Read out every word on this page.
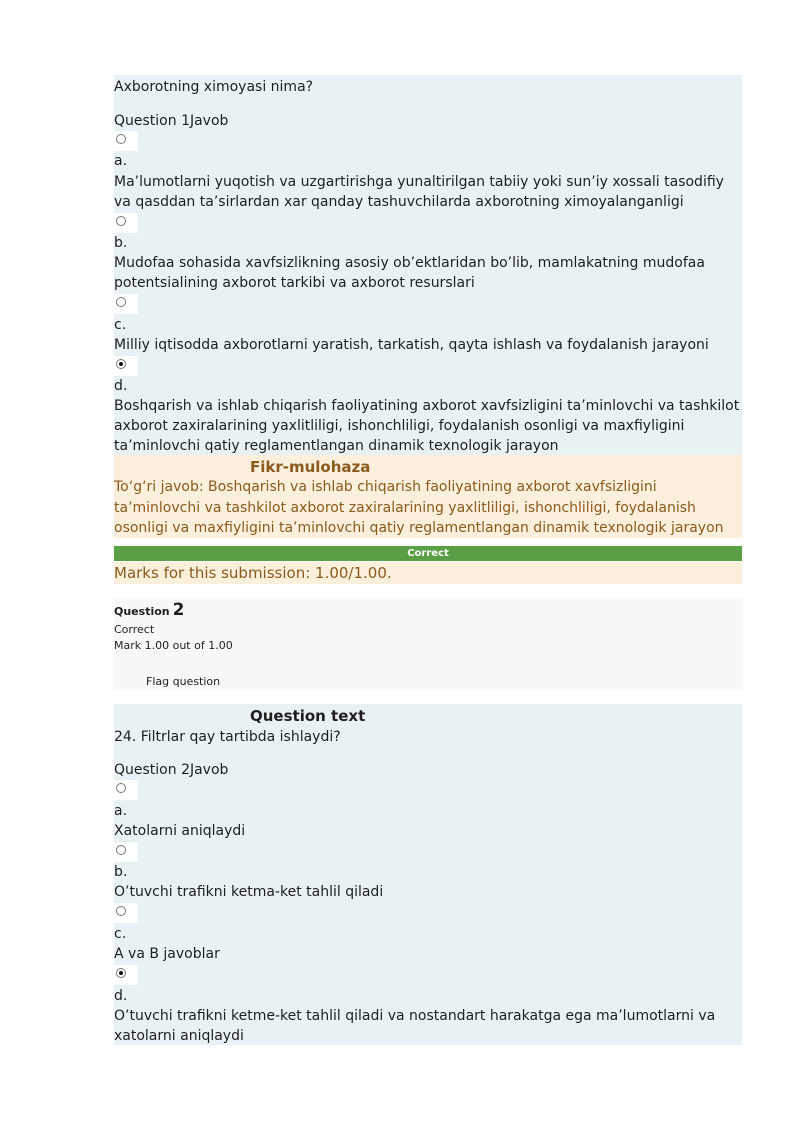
Axborotning ximoyasi nima?
Question 1Javob
a.
Ma’lumotlarni yuqotish va uzgartirishga yunaltirilgan tabiiy yoki sun’iy xossali tasodifiy va qasddan ta’sirlardan xar qanday tashuvchilarda axborotning ximoyalanganligi
b.
Mudofaa sohasida xavfsizlikning asosiy ob’ektlaridan bo’lib, mamlakatning mudofaa potentsialining axborot tarkibi va axborot resurslari
c.
Milliy iqtisodda axborotlarni yaratish, tarkatish, qayta ishlash va foydalanish jarayoni
d.
Boshqarish va ishlab chiqarish faoliyatining axborot xavfsizligini ta’minlovchi va tashkilot axborot zaxiralarining yaxlitliligi, ishonchliligi, foydalanish osonligi va maxfiyligini ta’minlovchi qatiy reglamentlangan dinamik texnologik jarayon
Fikr-mulohaza
To‘g‘ri javob: Boshqarish va ishlab chiqarish faoliyatining axborot xavfsizligini ta’minlovchi va tashkilot axborot zaxiralarining yaxlitliligi, ishonchliligi, foydalanish osonligi va maxfiyligini ta’minlovchi qatiy reglamentlangan dinamik texnologik jarayon
Correct
Marks for this submission: 1.00/1.00.
Question 2
Correct
Mark 1.00 out of 1.00
Flag question
Question text
24. Filtrlar qay tartibda ishlaydi?
Question 2Javob
a.
Xatolarni aniqlaydi
b.
O’tuvchi trafikni ketma-ket tahlil qiladi
c.
A va B javoblar
d.
O’tuvchi trafikni ketme-ket tahlil qiladi va nostandart harakatga ega ma’lumotlarni va xatolarni aniqlaydi
